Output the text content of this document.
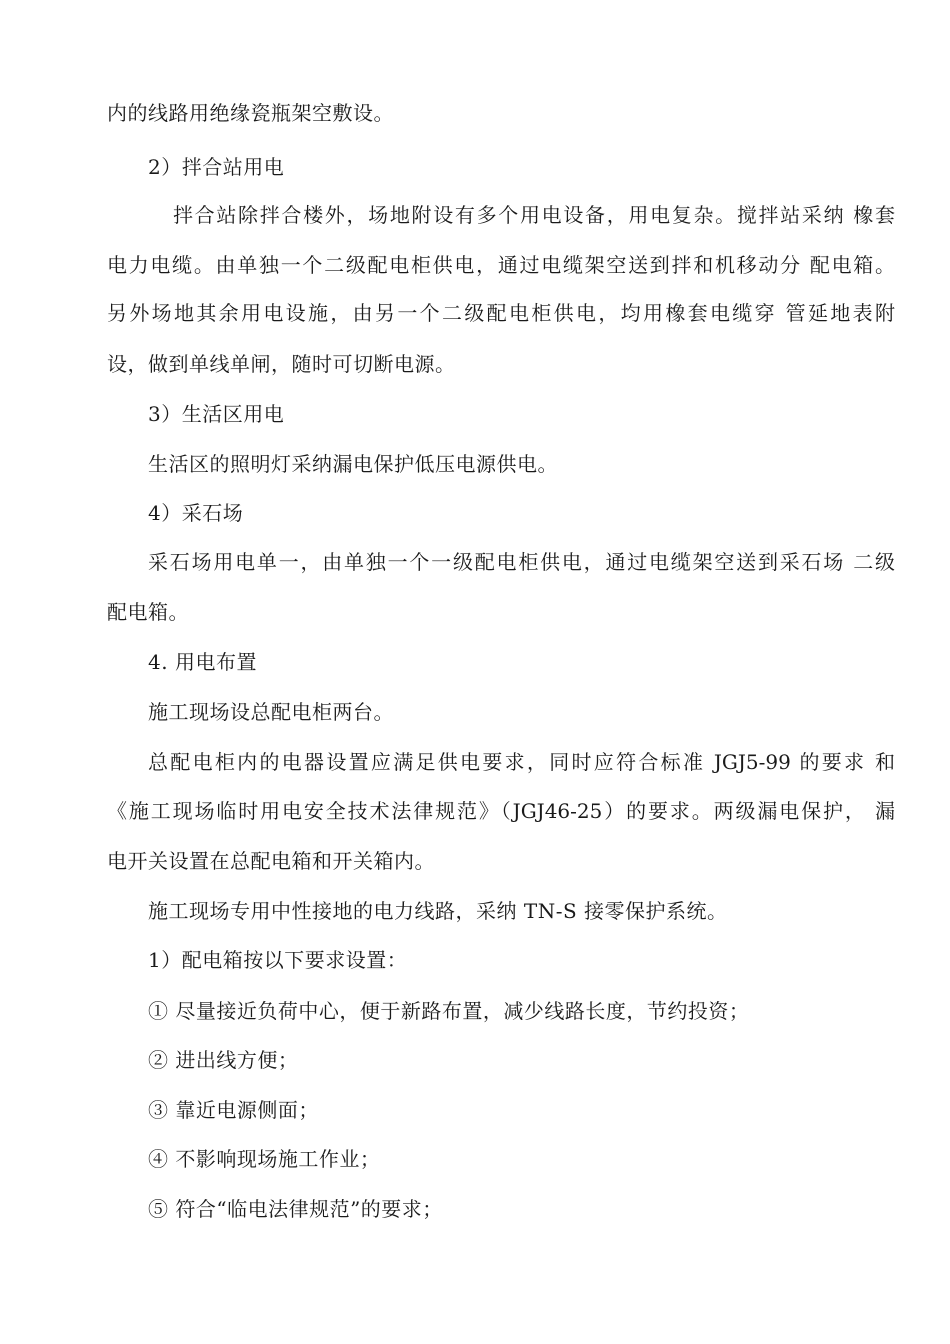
内的线路用绝缘瓷瓶架空敷设。
2）拌合站用电
拌合站除拌合楼外，场地附设有多个用电设备，用电复杂。搅拌站采纳 橡套
电力电缆。由单独一个二级配电柜供电，通过电缆架空送到拌和机移动分 配电箱。
另外场地其余用电设施，由另一个二级配电柜供电，均用橡套电缆穿 管延地表附
设，做到单线单闸，随时可切断电源。
3）生活区用电
生活区的照明灯采纳漏电保护低压电源供电。
4）采石场
采石场用电单一，由单独一个一级配电柜供电，通过电缆架空送到采石场 二级
配电箱。
4. 用电布置
施工现场设总配电柜两台。
总配电柜内的电器设置应满足供电要求，同时应符合标准 JGJ5-99 的要求 和
《施工现场临时用电安全技术法律规范》（JGJ46-25）的要求。两级漏电保护， 漏
电开关设置在总配电箱和开关箱内。
施工现场专用中性接地的电力线路，采纳 TN-S 接零保护系统。
1）配电箱按以下要求设置：
① 尽量接近负荷中心，便于新路布置，减少线路长度，节约投资；
② 进出线方便；
③ 靠近电源侧面；
④ 不影响现场施工作业；
⑤ 符合“临电法律规范”的要求；
